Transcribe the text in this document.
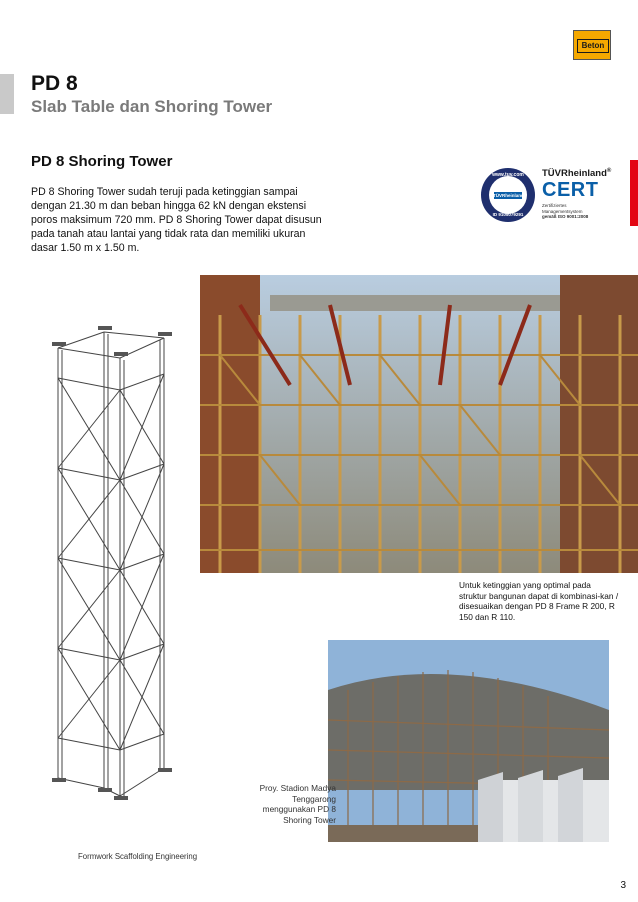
Beton
PD 8
Slab Table dan Shoring Tower
PD 8 Shoring Tower
PD 8 Shoring Tower sudah teruji pada ketinggian sampai dengan 21.30 m dan beban hingga 62 kN dengan ekstensi poros maksimum 720 mm. PD 8 Shoring Tower dapat disusun pada tanah atau lantai yang tidak rata dan memiliki ukuran dasar 1.50 m x 1.50 m.
www.tuv.com
TÜVRheinland
ID 9105079291
TÜVRheinland®
CERT
Zertifiziertes
Managementsystem
gemäß ISO 9001:2008
Untuk ketinggian yang optimal pada struktur bangunan dapat di kombinasi-kan / disesuaikan dengan PD 8 Frame R 200, R 150 dan R 110.
Proy. Stadion Madya Tenggarong menggunakan PD 8 Shoring Tower
Formwork Scaffolding Engineering
3
